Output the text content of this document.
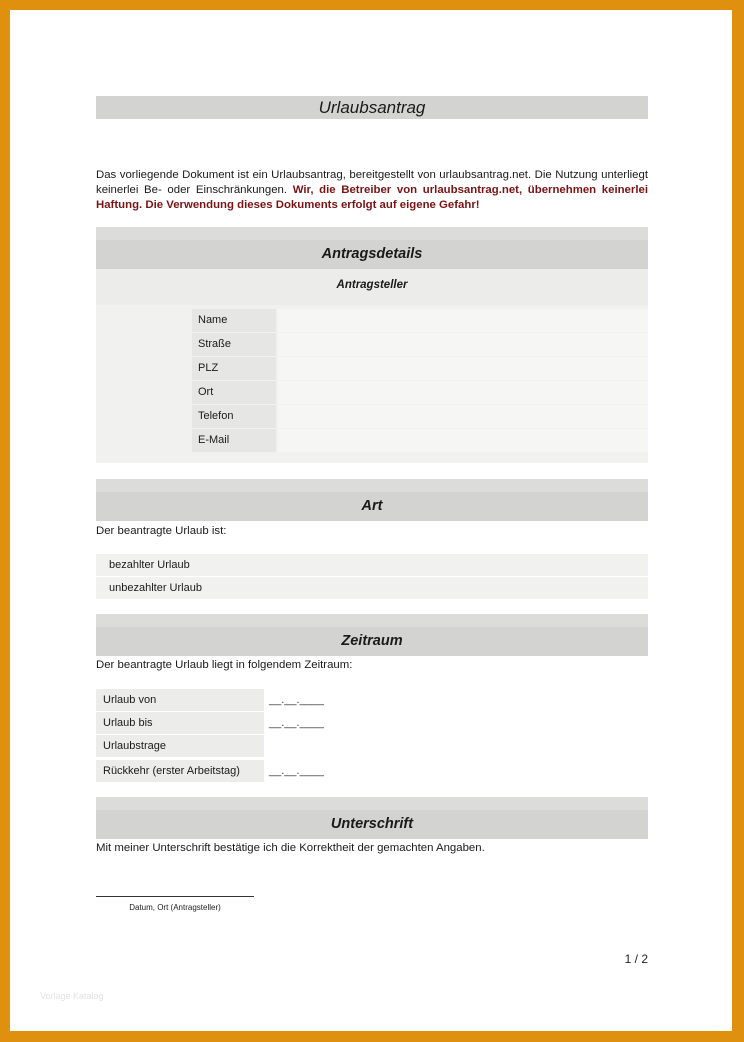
Urlaubsantrag
Das vorliegende Dokument ist ein Urlaubsantrag, bereitgestellt von urlaubsantrag.net. Die Nutzung unterliegt keinerlei Be- oder Einschränkungen. Wir, die Betreiber von urlaubsantrag.net, übernehmen keinerlei Haftung. Die Verwendung dieses Dokuments erfolgt auf eigene Gefahr!
Antragsdetails
Antragsteller
Name
Straße
PLZ
Ort
Telefon
E-Mail
Art
Der beantragte Urlaub ist:
bezahlter Urlaub
unbezahlter Urlaub
Zeitraum
Der beantragte Urlaub liegt in folgendem Zeitraum:
Urlaub von	__.__.____
Urlaub bis	__.__.____
Urlaubstrage
Rückkehr (erster Arbeitstag)	__.__.____
Unterschrift
Mit meiner Unterschrift bestätige ich die Korrektheit der gemachten Angaben.
Datum, Ort (Antragsteller)
1 / 2
Vorlage Katalog
